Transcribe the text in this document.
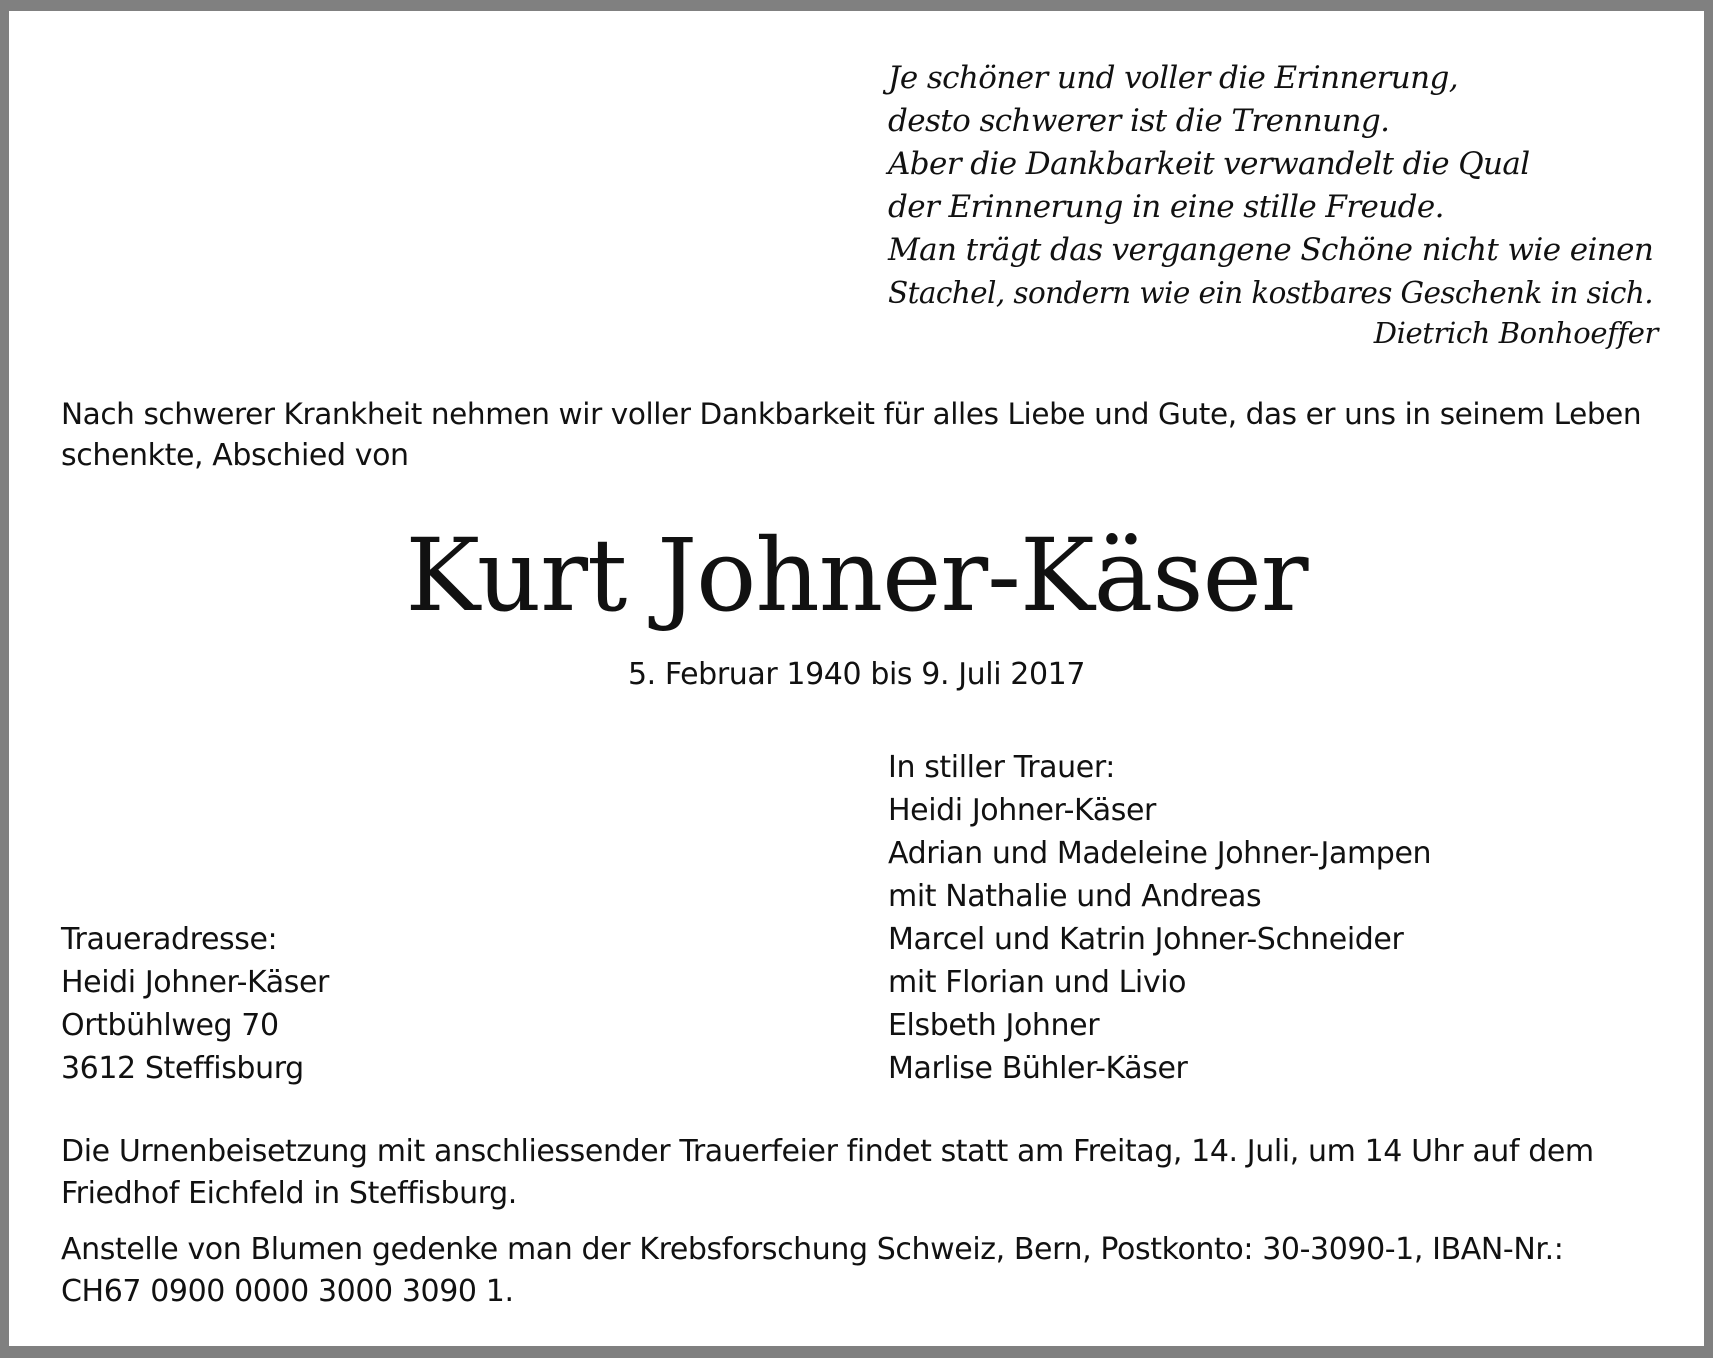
Je schöner und voller die Erinnerung,
desto schwerer ist die Trennung.
Aber die Dankbarkeit verwandelt die Qual
der Erinnerung in eine stille Freude.
Man trägt das vergangene Schöne nicht wie einen
Stachel, sondern wie ein kostbares Geschenk in sich.
Dietrich Bonhoeffer
Nach schwerer Krankheit nehmen wir voller Dankbarkeit für alles Liebe und Gute, das er uns in seinem Leben
schenkte, Abschied von
Kurt Johner-Käser
5. Februar 1940 bis 9. Juli 2017
In stiller Trauer:
Heidi Johner-Käser
Adrian und Madeleine Johner-Jampen
mit Nathalie und Andreas
Marcel und Katrin Johner-Schneider
mit Florian und Livio
Elsbeth Johner
Marlise Bühler-Käser
Traueradresse:
Heidi Johner-Käser
Ortbühlweg 70
3612 Steffisburg
Die Urnenbeisetzung mit anschliessender Trauerfeier findet statt am Freitag, 14. Juli, um 14 Uhr auf dem
Friedhof Eichfeld in Steffisburg.
Anstelle von Blumen gedenke man der Krebsforschung Schweiz, Bern, Postkonto: 30-3090-1, IBAN-Nr.:
CH67 0900 0000 3000 3090 1.
